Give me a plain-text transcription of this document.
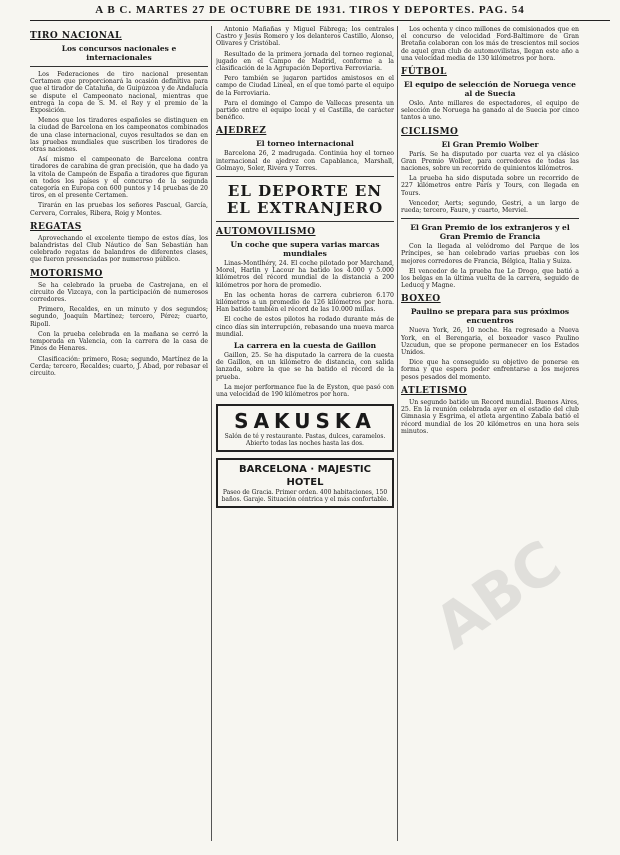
A B C. MARTES 27 DE OCTUBRE DE 1931. TIROS Y DEPORTES. PAG. 54
TIRO NACIONAL
Los concursos nacionales e internacionales

Los Federaciones de tiro nacional presentan Certamen que proporcionará la ocasión definitiva para que el tirador de Cataluña, de Guipúzcoa y de Andalucía se dispute el Campeonato nacional, mientras que entrega la copa de S. M. el Rey y el premio de la Exposición.

Menos que los tiradores españoles se distinguen en la ciudad de Barcelona en los campeonatos combinados de una clase internacional, cuyos resultados se dan en las pruebas mundiales que suscriben los tiradores de otras naciones.

Así mismo el campeonato de Barcelona contra tiradores de carabina de gran precisión, que ha dado ya la vitola de Campeón de España a tiradores que figuran en todos los países y el concurso de la segunda categoría en Europa con 600 puntos y 14 pruebas de 20 tiros, en el presente Certamen.

Tirarán en las pruebas los señores Pascual, García, Cervera, Corrales, Ribera, Roig y Montes.

REGATAS

Aprovechando el excelente tiempo de estos días, los balandristas del Club Náutico de San Sebastián han celebrado regatas de balandros de diferentes clases, que fueron presenciadas por numeroso público.

MOTORISMO

Se ha celebrado la prueba de Castrejana, en el circuito de Vizcaya, con la participación de numerosos corredores.

Primero, Recaldes, en un minuto y dos segundos; segundo, Joaquín Martínez; tercero, Pérez; cuarto, Ripoll.

Con la prueba celebrada en la mañana se cerró la temporada en Valencia, con la carrera de la casa de Pinos de Henares.

Clasificación: primero, Rosa; segundo, Martínez de la Cerda; tercero, Recaldes; cuarto, J. Abad, por rebasar el circuito.

Antonio Mañañas y Miguel Fábrega; los centrales Castro y Jesús Romero y los delanteros Castillo, Alonso, Olivares y Cristóbal.

Resultado de la primera jornada del torneo regional, jugado en el Campo de Madrid, conforme a la clasificación de la Agrupación Deportiva Ferroviaria.

Pero también se jugaron partidos amistosos en el campo de Ciudad Lineal, en el que tomó parte el equipo de la Ferroviaria.

Para el domingo el Campo de Vallecas presenta un partido entre el equipo local y el Castilla, de carácter benéfico.

AJEDREZ
El torneo internacional

Barcelona 26, 2 madrugada. Continúa hoy el torneo internacional de ajedrez con Capablanca, Marshall, Golmayo, Soler, Rivera y Torres.

EL DEPORTE EN EL EXTRANJERO
AUTOMOVILISMO
Un coche que supera varias marcas mundiales

Linas-Montlhéry, 24. El coche pilotado por Marchand, Morel, Harlin y Lacour ha batido los 4.000 y 5.000 kilómetros del récord mundial de la distancia a 200 kilómetros por hora de promedio.

En las ochenta horas de carrera cubrieron 6.170 kilómetros a un promedio de 126 kilómetros por hora. Han batido también el récord de las 10.000 millas.

El coche de estos pilotos ha rodado durante más de cinco días sin interrupción, rebasando una nueva marca mundial.

La carrera en la cuesta de Gaillon

Gaillon, 25. Se ha disputado la carrera de la cuesta de Gaillon, en un kilómetro de distancia, con salida lanzada, sobre la que se ha batido el récord de la prueba.

La mejor performance fue la de Eyston, que pasó con una velocidad de 190 kilómetros por hora.

SAKUSKA
Salón de té y restaurante. Pastas, dulces, caramelos. Abierto todas las noches hasta las dos.
BARCELONA · MAJESTIC HOTEL
Paseo de Gracia. Primer orden. 400 habitaciones, 150 baños. Garaje. Situación céntrica y el más confortable.

Los ochenta y cinco millones de comisionados que en el concurso de velocidad Ford-Baltimore de Gran Bretaña colaboran con los más de trescientos mil socios de aquel gran club de automovilistas, llegan este año a una velocidad media de 130 kilómetros por hora.

FÚTBOL
El equipo de selección de Noruega vence al de Suecia

Oslo. Ante millares de espectadores, el equipo de selección de Noruega ha ganado al de Suecia por cinco tantos a uno.

CICLISMO
El Gran Premio Wolber

París. Se ha disputado por cuarta vez el ya clásico Gran Premio Wolber, para corredores de todas las naciones, sobre un recorrido de quinientos kilómetros.

La prueba ha sido disputada sobre un recorrido de 227 kilómetros entre París y Tours, con llegada en Tours.

Vencedor, Aerts; segundo, Gestri, a un largo de rueda; tercero, Faure, y cuarto, Merviel.

El Gran Premio de los extranjeros y el Gran Premio de Francia

Con la llegada al velódromo del Parque de los Príncipes, se han celebrado varias pruebas con los mejores corredores de Francia, Bélgica, Italia y Suiza.

El vencedor de la prueba fue Le Drogo, que batió a los belgas en la última vuelta de la carrera, seguido de Leducq y Magne.

BOXEO
Paulino se prepara para sus próximos encuentros

Nueva York, 26, 10 noche. Ha regresado a Nueva York, en el Berengaria, el boxeador vasco Paulino Uzcudun, que se propone permanecer en los Estados Unidos.

Dice que ha conseguido su objetivo de ponerse en forma y que espera poder enfrentarse a los mejores pesos pesados del momento.

ATLETISMO

Un segundo batido un Record mundial. Buenos Aires, 25. En la reunión celebrada ayer en el estadio del club Gimnasia y Esgrima, el atleta argentino Zabala batió el récord mundial de los 20 kilómetros en una hora seis minutos.

ABC
